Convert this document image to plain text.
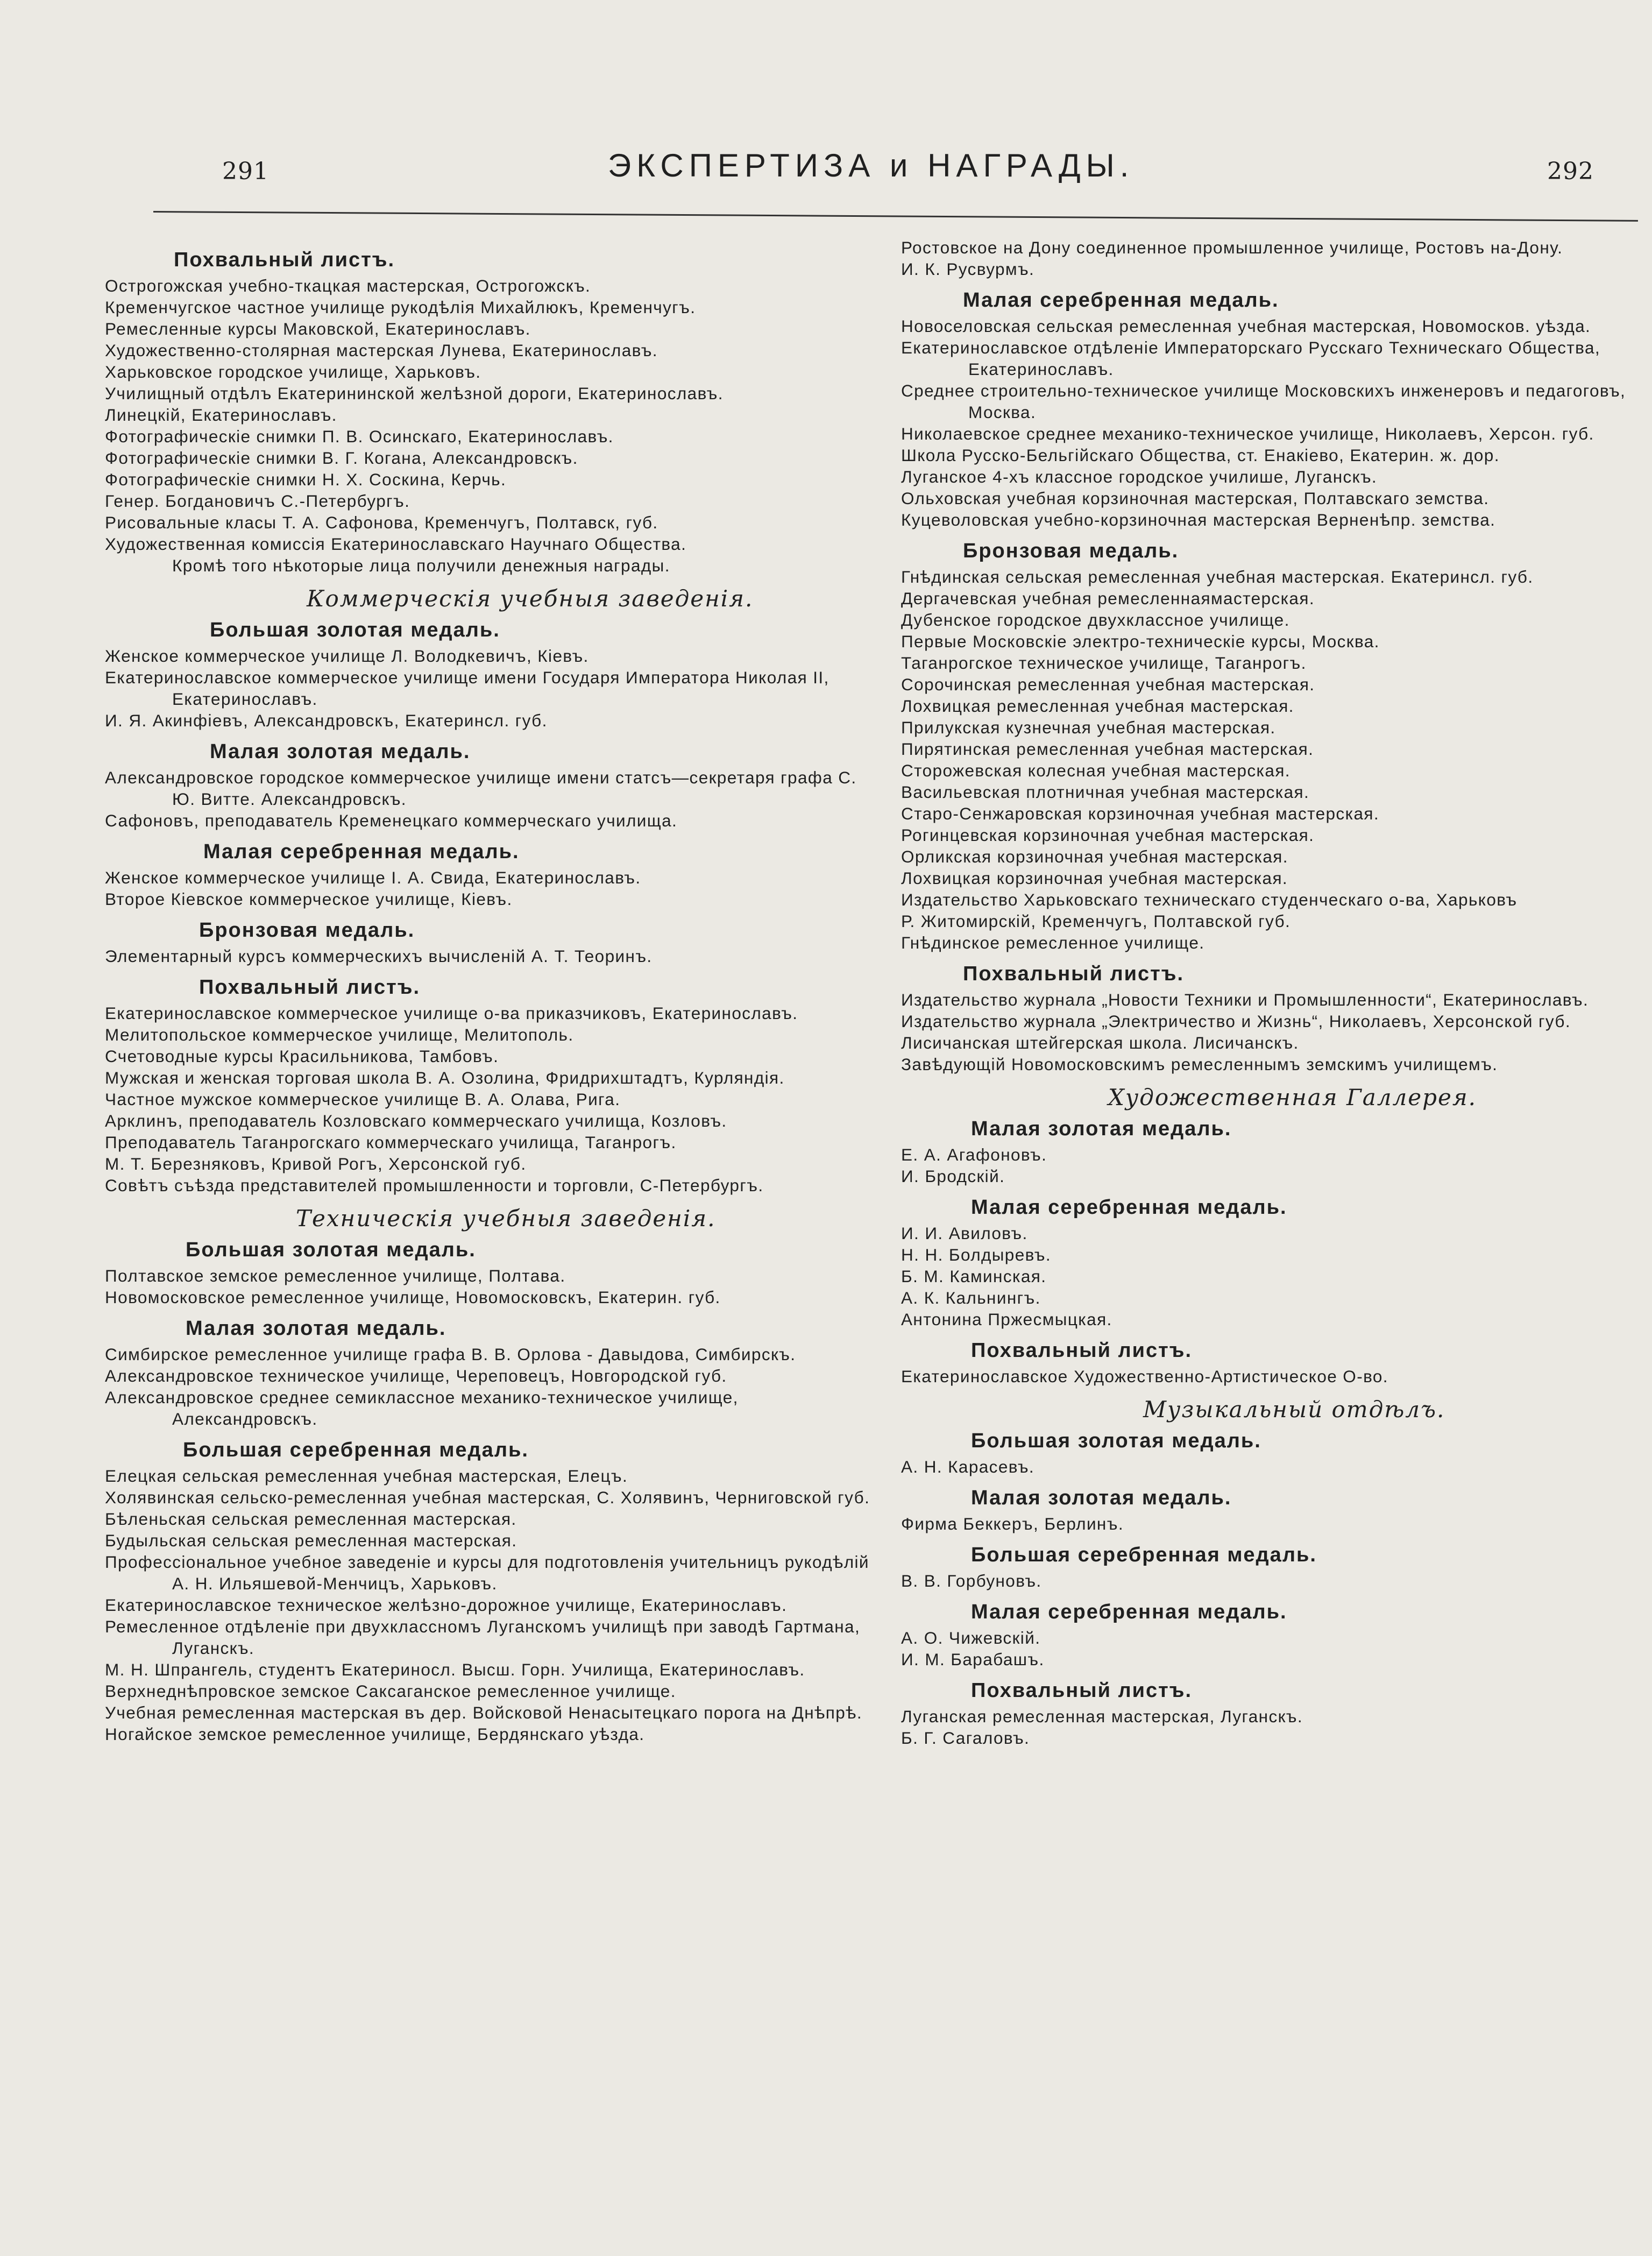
291	ЭКСПЕРТИЗА и НАГРАДЫ.	292
Похвальный листъ.
Острогожская учебно-ткацкая мастерская, Острогожскъ.
Кременчугское частное училище рукодѣлія Михайлюкъ, Кременчугъ.
Ремесленные курсы Маковской, Екатеринославъ.
Художественно-столярная мастерская Лунева, Екатеринославъ.
Харьковское городское училище, Харьковъ.
Училищный отдѣлъ Екатерининской желѣзной дороги, Екатеринославъ.
Линецкій, Екатеринославъ.
Фотографическіе снимки П. В. Осинскаго, Екатеринославъ.
Фотографическіе снимки В. Г. Когана, Александровскъ.
Фотографическіе снимки Н. Х. Соскина, Керчь.
Генер. Богдановичъ С.-Петербургъ.
Рисовальные класы Т. А. Сафонова, Кременчугъ, Полтавск, губ.
Художественная комиссія Екатеринославскаго Научнаго Общества.
Кромѣ того нѣкоторые лица получили денежныя награды.
Коммерческія учебныя заведенія.
Большая золотая медаль.
Женское коммерческое училище Л. Володкевичъ, Кіевъ.
Екатеринославское коммерческое училище имени Государя Императора Николая II, Екатеринославъ.
И. Я. Акинфіевъ, Александровскъ, Екатеринсл. губ.
Малая золотая медаль.
Александровское городское коммерческое училище имени статсъ—секретаря графа С. Ю. Витте. Александровскъ.
Сафоновъ, преподаватель Кременецкаго коммерческаго училища.
Малая серебренная медаль.
Женское коммерческое училище І. А. Свида, Екатеринославъ.
Второе Кіевское коммерческое училище, Кіевъ.
Бронзовая медаль.
Элементарный курсъ коммерческихъ вычисленій А. Т. Теоринъ.
Похвальный листъ.
Екатеринославское коммерческое училище о-ва приказчиковъ, Екатеринославъ.
Мелитопольское коммерческое училище, Мелитополь.
Счетоводные курсы Красильникова, Тамбовъ.
Мужская и женская торговая школа В. А. Озолина, Фридрихштадтъ, Курляндія.
Частное мужское коммерческое училище В. А. Олава, Рига.
Арклинъ, преподаватель Козловскаго коммерческаго училища, Козловъ.
Преподаватель Таганрогскаго коммерческаго училища, Таганрогъ.
М. Т. Березняковъ, Кривой Рогъ, Херсонской губ.
Совѣтъ съѣзда представителей промышленности и торговли, С-Петербургъ.
Техническія учебныя заведенія.
Большая золотая медаль.
Полтавское земское ремесленное училище, Полтава.
Новомосковское ремесленное училище, Новомосковскъ, Екатерин. губ.
Малая золотая медаль.
Симбирское ремесленное училище графа В. В. Орлова - Давыдова, Симбирскъ.
Александровское техническое училище, Череповецъ, Новгородской губ.
Александровское среднее семиклассное механико-техническое училище, Александровскъ.
Большая серебренная медаль.
Елецкая сельская ремесленная учебная мастерская, Елецъ.
Холявинская сельско-ремесленная учебная мастерская, С. Холявинъ, Черниговской губ.
Бѣленьская сельская ремесленная мастерская.
Будыльская сельская ремесленная мастерская.
Профессіональное учебное заведеніе и курсы для подготовленія учительницъ рукодѣлій А. Н. Ильяшевой-Менчицъ, Харьковъ.
Екатеринославское техническое желѣзно-дорожное училище, Екатеринославъ.
Ремесленное отдѣленіе при двухклассномъ Луганскомъ училищѣ при заводѣ Гартмана, Луганскъ.
М. Н. Шпрангель, студентъ Екатериносл. Высш. Горн. Училища, Екатеринославъ.
Верхнеднѣпровское земское Саксаганское ремесленное училище.
Учебная ремесленная мастерская въ дер. Войсковой Ненасытецкаго порога на Днѣпрѣ.
Ногайское земское ремесленное училище, Бердянскаго уѣзда.
Ростовское на Дону соединенное промышленное училище, Ростовъ на-Дону.
И. К. Русвурмъ.
Малая серебренная медаль.
Новоселовская сельская ремесленная учебная мастерская, Новомосков. уѣзда.
Екатеринославское отдѣленіе Императорскаго Русскаго Техническаго Общества, Екатеринославъ.
Среднее строительно-техническое училище Московскихъ инженеровъ и педагоговъ, Москва.
Николаевское среднее механико-техническое училище, Николаевъ, Херсон. губ.
Школа Русско-Бельгійскаго Общества, ст. Енакіево, Екатерин. ж. дор.
Луганское 4-хъ классное городское училише, Луганскъ.
Ольховская учебная корзиночная мастерская, Полтавскаго земства.
Куцеволовская учебно-корзиночная мастерская Верненѣпр. земства.
Бронзовая медаль.
Гнѣдинская сельская ремесленная учебная мастерская. Екатеринсл. губ.
Дергачевская учебная ремесленнаямастерская.
Дубенское городское двухклассное училище.
Первые Московскіе электро-техническіе курсы, Москва.
Таганрогское техническое училище, Таганрогъ.
Сорочинская ремесленная учебная мастерская.
Лохвицкая ремесленная учебная мастерская.
Прилукская кузнечная учебная мастерская.
Пирятинская ремесленная учебная мастерская.
Сторожевская колесная учебная мастерская.
Васильевская плотничная учебная мастерская.
Старо-Сенжаровская корзиночная учебная мастерская.
Рогинцевская корзиночная учебная мастерская.
Орликская корзиночная учебная мастерская.
Лохвицкая корзиночная учебная мастерская.
Издательство Харьковскаго техническаго студенческаго о-ва, Харьковъ
Р. Житомирскій, Кременчугъ, Полтавской губ.
Гнѣдинское ремесленное училище.
Похвальный листъ.
Издательство журнала „Новости Техники и Промышленности“, Екатеринославъ.
Издательство журнала „Электричество и Жизнь“, Николаевъ, Херсонской губ.
Лисичанская штейгерская школа. Лисичанскъ.
Завѣдующій Новомосковскимъ ремесленнымъ земскимъ училищемъ.
Художественная Галлерея.
Малая золотая медаль.
Е. А. Агафоновъ.
И. Бродскій.
Малая серебренная медаль.
И. И. Авиловъ.
Н. Н. Болдыревъ.
Б. М. Каминская.
А. К. Кальнингъ.
Антонина Пржесмыцкая.
Похвальный листъ.
Екатеринославское Художественно-Артистическое О-во.
Музыкальный отдѣлъ.
Большая золотая медаль.
А. Н. Карасевъ.
Малая золотая медаль.
Фирма Беккеръ, Берлинъ.
Большая серебренная медаль.
В. В. Горбуновъ.
Малая серебренная медаль.
А. О. Чижевскій.
И. М. Барабашъ.
Похвальный листъ.
Луганская ремесленная мастерская, Луганскъ.
Б. Г. Сагаловъ.
